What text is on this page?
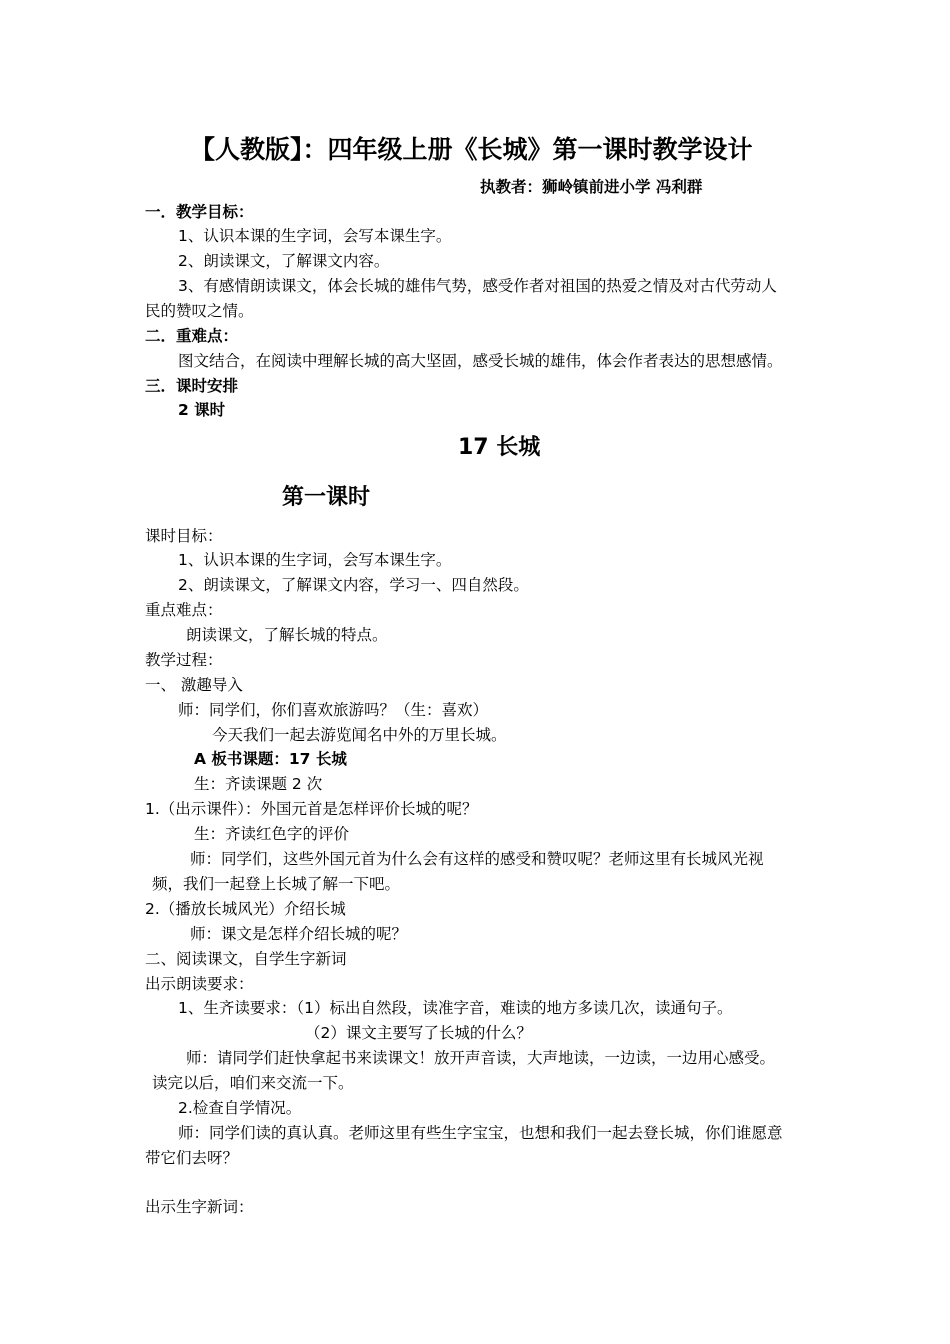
【人教版】：四年级上册《长城》第一课时教学设计
执教者：狮岭镇前进小学 冯利群
一．教学目标：
1、认识本课的生字词，会写本课生字。
2、朗读课文，了解课文内容。
3、有感情朗读课文，体会长城的雄伟气势，感受作者对祖国的热爱之情及对古代劳动人
民的赞叹之情。
二．重难点：
图文结合，在阅读中理解长城的高大坚固，感受长城的雄伟，体会作者表达的思想感情。
三．课时安排
2 课时
17 长城
第一课时
课时目标：
1、认识本课的生字词，会写本课生字。
2、朗读课文，了解课文内容，学习一、四自然段。
重点难点：
朗读课文，了解长城的特点。
教学过程：
一、 激趣导入
师：同学们，你们喜欢旅游吗？（生：喜欢）
今天我们一起去游览闻名中外的万里长城。
A 板书课题：17 长城
生：齐读课题 2 次
1.（出示课件）：外国元首是怎样评价长城的呢？
生：齐读红色字的评价
师：同学们，这些外国元首为什么会有这样的感受和赞叹呢？老师这里有长城风光视
频，我们一起登上长城了解一下吧。
2.（播放长城风光）介绍长城
师：课文是怎样介绍长城的呢？
二、阅读课文，自学生字新词
出示朗读要求：
1、生齐读要求：（1）标出自然段，读准字音，难读的地方多读几次，读通句子。
（2）课文主要写了长城的什么？
师：请同学们赶快拿起书来读课文！放开声音读，大声地读，一边读，一边用心感受。
读完以后，咱们来交流一下。
2.检查自学情况。
师：同学们读的真认真。老师这里有些生字宝宝，也想和我们一起去登长城，你们谁愿意
带它们去呀？
出示生字新词：
